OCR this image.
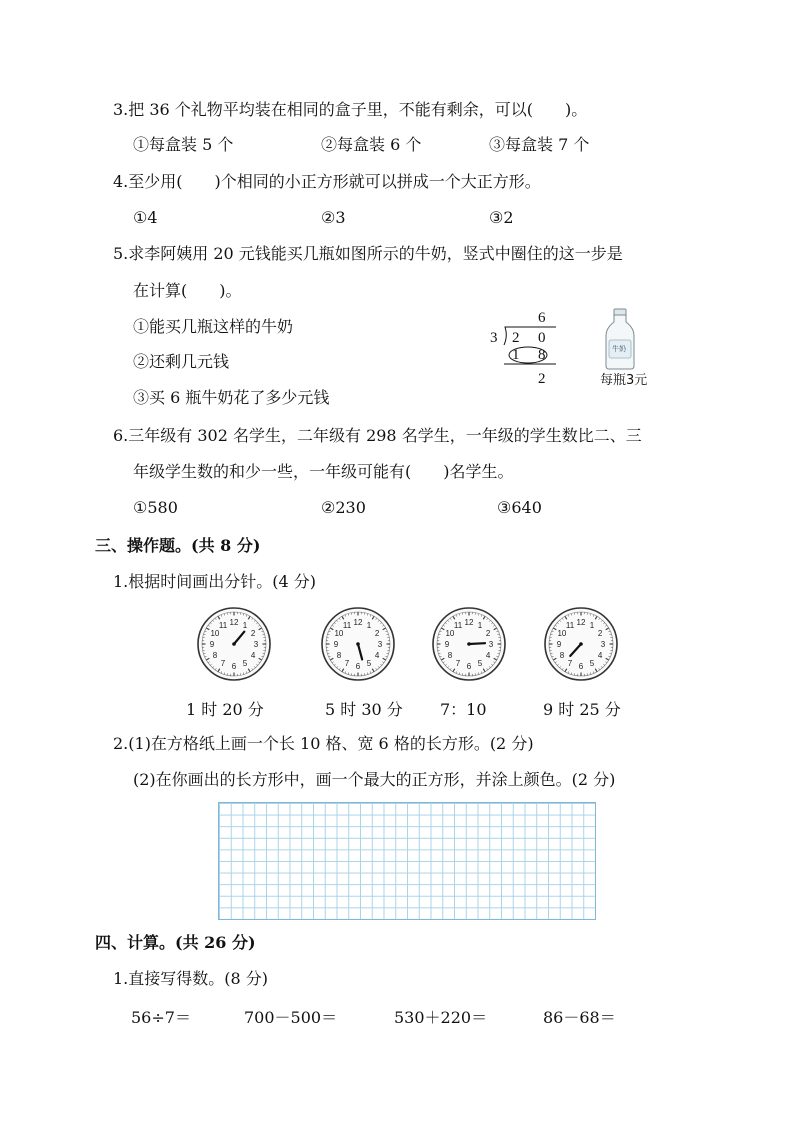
3.把 36 个礼物平均装在相同的盒子里，不能有剩余，可以(　　)。
①每盒装 5 个	②每盒装 6 个	③每盒装 7 个
4.至少用(　　)个相同的小正方形就可以拼成一个大正方形。
①4	②3	③2
5.求李阿姨用 20 元钱能买几瓶如图所示的牛奶，竖式中圈住的这一步是
在计算(　　)。
①能买几瓶这样的牛奶
②还剩几元钱
③买 6 瓶牛奶花了多少元钱
6
3 2 0
1 8
2
牛奶
每瓶3元
6.三年级有 302 名学生，二年级有 298 名学生，一年级的学生数比二、三
年级学生数的和少一些，一年级可能有(　　)名学生。
①580	②230	③640
三、操作题。(共 8 分)
1.根据时间画出分针。(4 分)
12 1
2
3
4
5
6
7
8
9
10
11
1 时 20 分
12 1
2
3
4
5
6
7
8
9
10
11
5 时 30 分
12 1
2
3
4
5
6
7
8
9
10
11
7：10
12 1
2
3
4
5
6
7
8
9
10
11
9 时 25 分
2.(1)在方格纸上画一个长 10 格、宽 6 格的长方形。(2 分)
(2)在你画出的长方形中，画一个最大的正方形，并涂上颜色。(2 分)
四、计算。(共 26 分)
1.直接写得数。(8 分)
56÷7＝	700－500＝	530＋220＝	86－68＝
